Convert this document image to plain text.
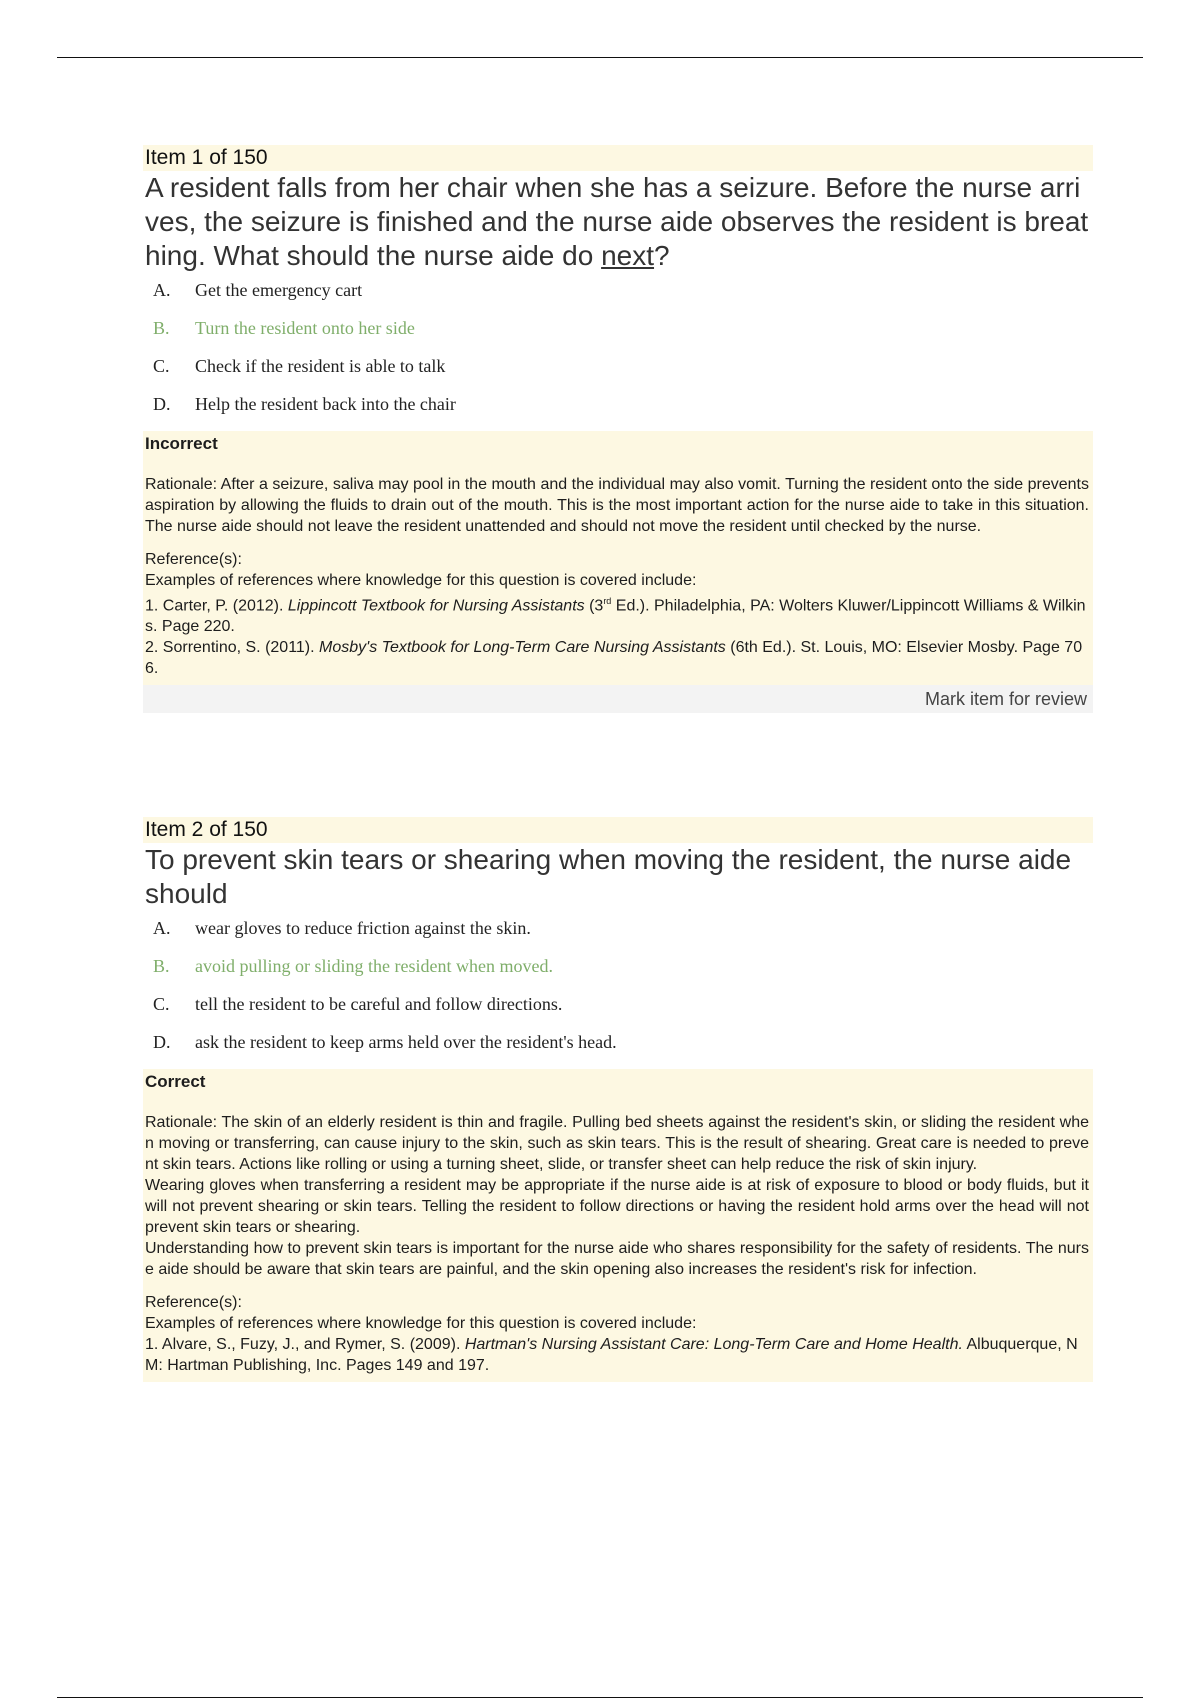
Item 1 of 150
A resident falls from her chair when she has a seizure. Before the nurse arrives, the seizure is finished and the nurse aide observes the resident is breathing. What should the nurse aide do next?
A.	Get the emergency cart
B.	Turn the resident onto her side
C.	Check if the resident is able to talk
D.	Help the resident back into the chair
Incorrect

Rationale: After a seizure, saliva may pool in the mouth and the individual may also vomit. Turning the resident onto the side prevents aspiration by allowing the fluids to drain out of the mouth. This is the most important action for the nurse aide to take in this situation. The nurse aide should not leave the resident unattended and should not move the resident until checked by the nurse.

Reference(s):
Examples of references where knowledge for this question is covered include:
1. Carter, P. (2012). Lippincott Textbook for Nursing Assistants (3rd Ed.). Philadelphia, PA: Wolters Kluwer/Lippincott Williams & Wilkins. Page 220.
2. Sorrentino, S. (2011). Mosby's Textbook for Long-Term Care Nursing Assistants (6th Ed.). St. Louis, MO: Elsevier Mosby. Page 706.
Mark item for review
Item 2 of 150
To prevent skin tears or shearing when moving the resident, the nurse aide should
A.	wear gloves to reduce friction against the skin.
B.	avoid pulling or sliding the resident when moved.
C.	tell the resident to be careful and follow directions.
D.	ask the resident to keep arms held over the resident's head.
Correct

Rationale: The skin of an elderly resident is thin and fragile. Pulling bed sheets against the resident's skin, or sliding the resident when moving or transferring, can cause injury to the skin, such as skin tears. This is the result of shearing. Great care is needed to prevent skin tears. Actions like rolling or using a turning sheet, slide, or transfer sheet can help reduce the risk of skin injury.

Wearing gloves when transferring a resident may be appropriate if the nurse aide is at risk of exposure to blood or body fluids, but it will not prevent shearing or skin tears. Telling the resident to follow directions or having the resident hold arms over the head will not prevent skin tears or shearing.

Understanding how to prevent skin tears is important for the nurse aide who shares responsibility for the safety of residents. The nurse aide should be aware that skin tears are painful, and the skin opening also increases the resident's risk for infection.

Reference(s):
Examples of references where knowledge for this question is covered include:
1. Alvare, S., Fuzy, J., and Rymer, S. (2009). Hartman's Nursing Assistant Care: Long-Term Care and Home Health. Albuquerque, NM: Hartman Publishing, Inc. Pages 149 and 197.
